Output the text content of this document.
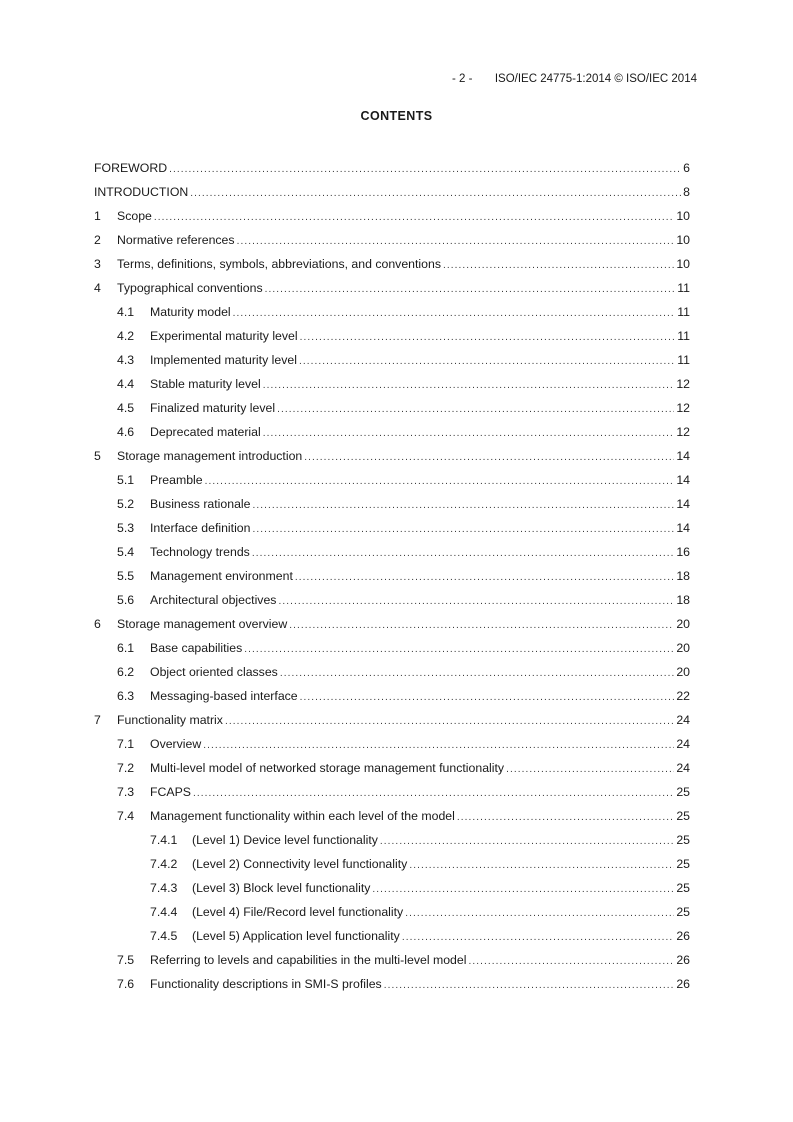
- 2 - ISO/IEC 24775-1:2014 © ISO/IEC 2014
CONTENTS
FOREWORD .....	6
INTRODUCTION .....	8
1	Scope .....	10
2	Normative references .....	10
3	Terms, definitions, symbols, abbreviations, and conventions .....	10
4	Typographical conventions .....	11
4.1	Maturity model .....	11
4.2	Experimental maturity level .....	11
4.3	Implemented maturity level .....	11
4.4	Stable maturity level .....	12
4.5	Finalized maturity level .....	12
4.6	Deprecated material .....	12
5	Storage management introduction .....	14
5.1	Preamble .....	14
5.2	Business rationale .....	14
5.3	Interface definition .....	14
5.4	Technology trends .....	16
5.5	Management environment .....	18
5.6	Architectural objectives .....	18
6	Storage management overview .....	20
6.1	Base capabilities .....	20
6.2	Object oriented classes .....	20
6.3	Messaging-based interface .....	22
7	Functionality matrix .....	24
7.1	Overview .....	24
7.2	Multi-level model of networked storage management functionality .....	24
7.3	FCAPS .....	25
7.4	Management functionality within each level of the model .....	25
7.4.1	(Level 1) Device level functionality .....	25
7.4.2	(Level 2) Connectivity level functionality .....	25
7.4.3	(Level 3) Block level functionality .....	25
7.4.4	(Level 4) File/Record level functionality .....	25
7.4.5	(Level 5) Application level functionality .....	26
7.5	Referring to levels and capabilities in the multi-level model .....	26
7.6	Functionality descriptions in SMI-S profiles .....	26
